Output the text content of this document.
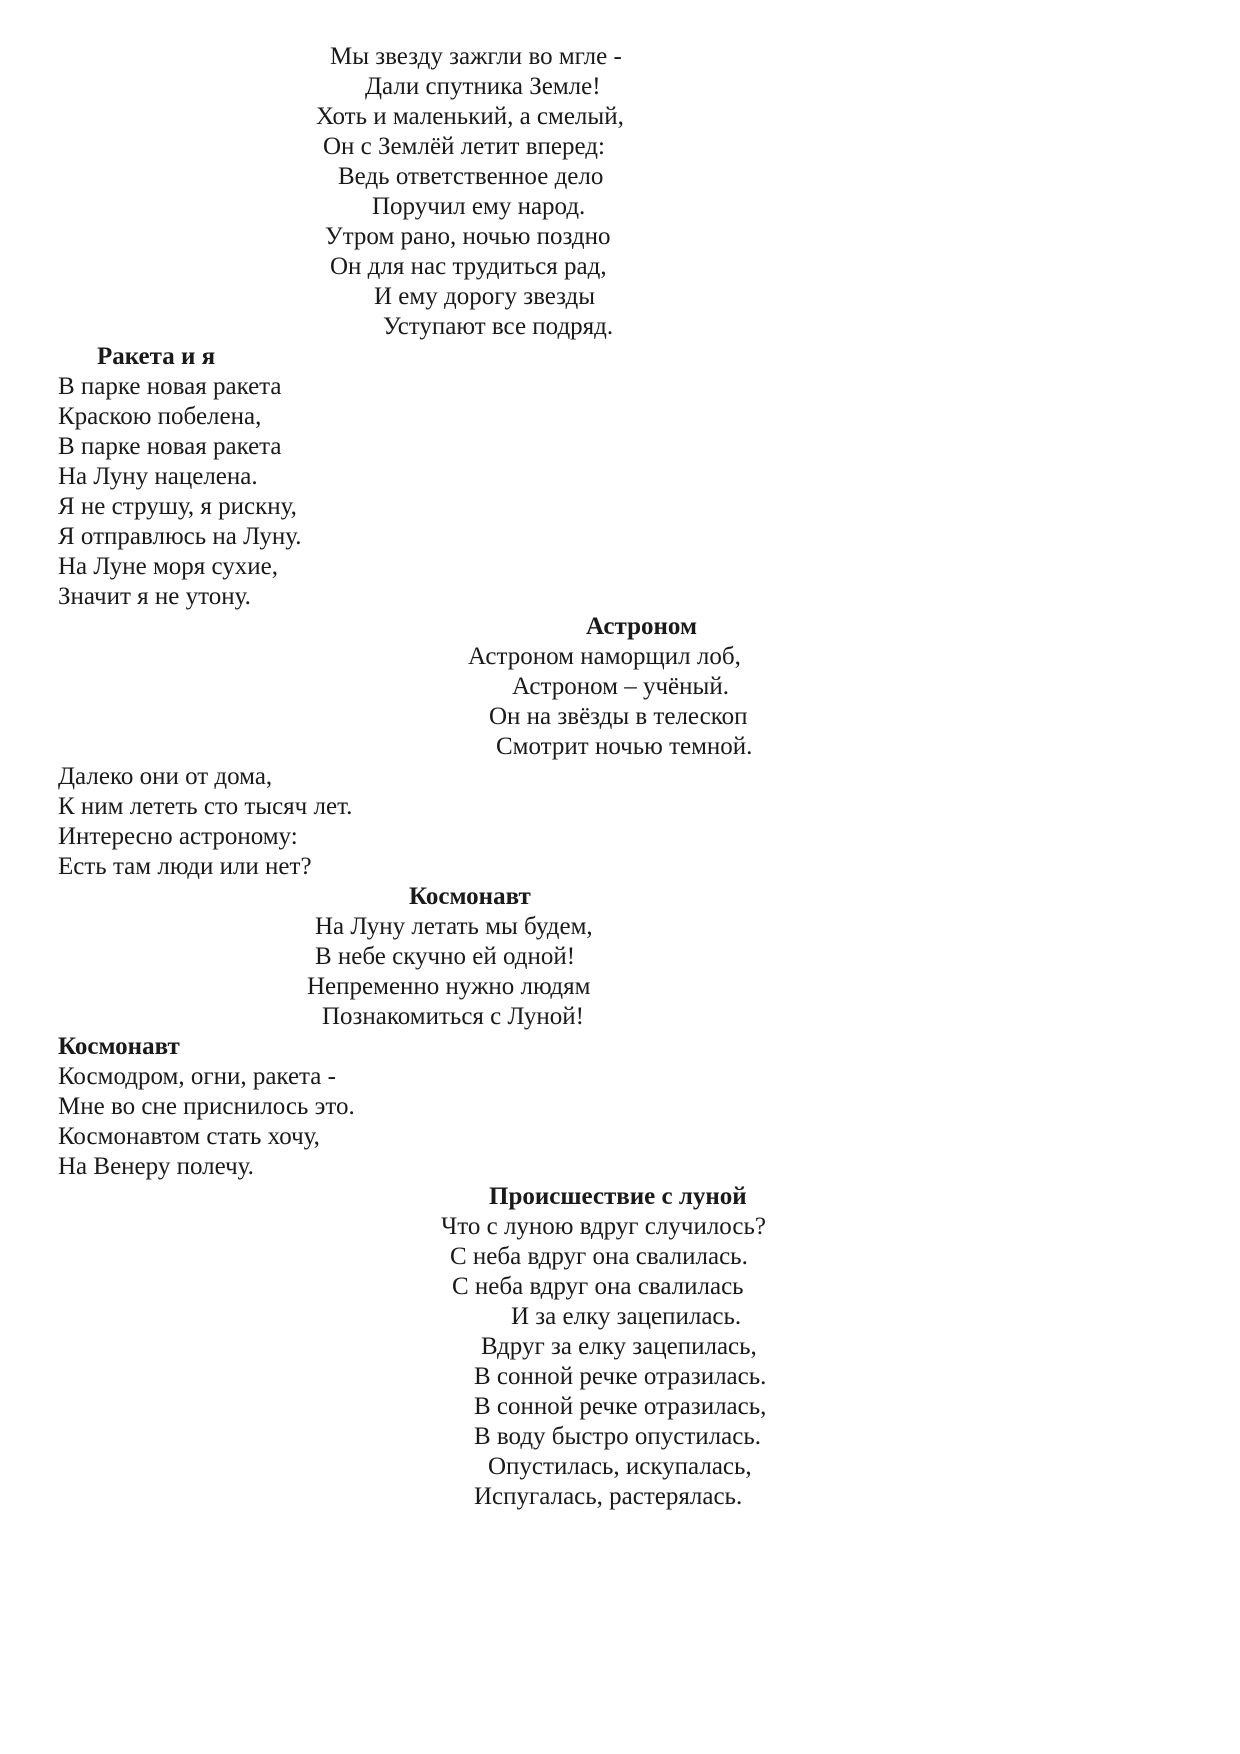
Мы звезду зажгли во мгле -
Дали спутника Земле!
Хоть и маленький, а смелый,
Он с Землёй летит вперед:
Ведь ответственное дело
Поручил ему народ.
Утром рано, ночью поздно
Он для нас трудиться рад,
И ему дорогу звезды
Уступают все подряд.
Ракета и я
В парке новая ракета
Краскою побелена,
В парке новая ракета
На Луну нацелена.
Я не струшу, я рискну,
Я отправлюсь на Луну.
На Луне моря сухие,
Значит я не утону.
Астроном
Астроном наморщил лоб,
Астроном – учёный.
Он на звёзды в телескоп
Смотрит ночью темной.
Далеко они от дома,
К ним лететь сто тысяч лет.
Интересно астроному:
Есть там люди или нет?
Космонавт
На Луну летать мы будем,
В небе скучно ей одной!
Непременно нужно людям
Познакомиться с Луной!
Космонавт
Космодром, огни, ракета -
Мне во сне приснилось это.
Космонавтом стать хочу,
На Венеру полечу.
Происшествие с луной
Что с луною вдруг случилось?
С неба вдруг она свалилась.
С неба вдруг она свалилась
И за елку зацепилась.
Вдруг за елку зацепилась,
В сонной речке отразилась.
В сонной речке отразилась,
В воду быстро опустилась.
Опустилась, искупалась,
Испугалась, растерялась.
